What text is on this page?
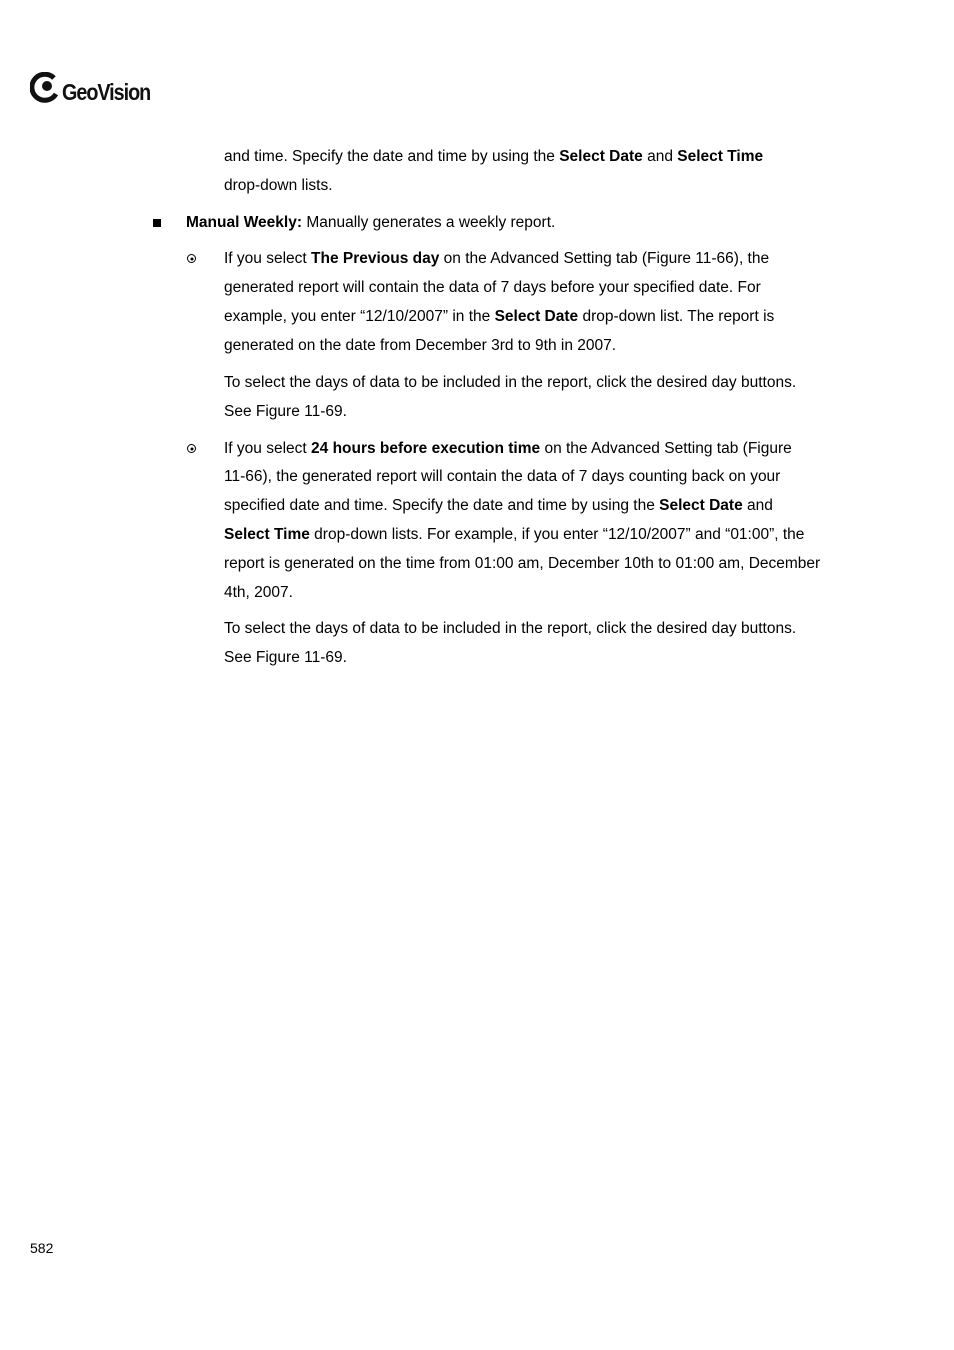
GeoVision
and time. Specify the date and time by using the Select Date and Select Time
drop-down lists.
Manual Weekly: Manually generates a weekly report.
If you select The Previous day on the Advanced Setting tab (Figure 11-66), the
generated report will contain the data of 7 days before your specified date. For
example, you enter “12/10/2007” in the Select Date drop-down list. The report is
generated on the date from December 3rd to 9th in 2007.
To select the days of data to be included in the report, click the desired day buttons.
See Figure 11-69.
If you select 24 hours before execution time on the Advanced Setting tab (Figure
11-66), the generated report will contain the data of 7 days counting back on your
specified date and time. Specify the date and time by using the Select Date and
Select Time drop-down lists. For example, if you enter “12/10/2007” and “01:00”, the
report is generated on the time from 01:00 am, December 10th to 01:00 am, December
4th, 2007.
To select the days of data to be included in the report, click the desired day buttons.
See Figure 11-69.
582
